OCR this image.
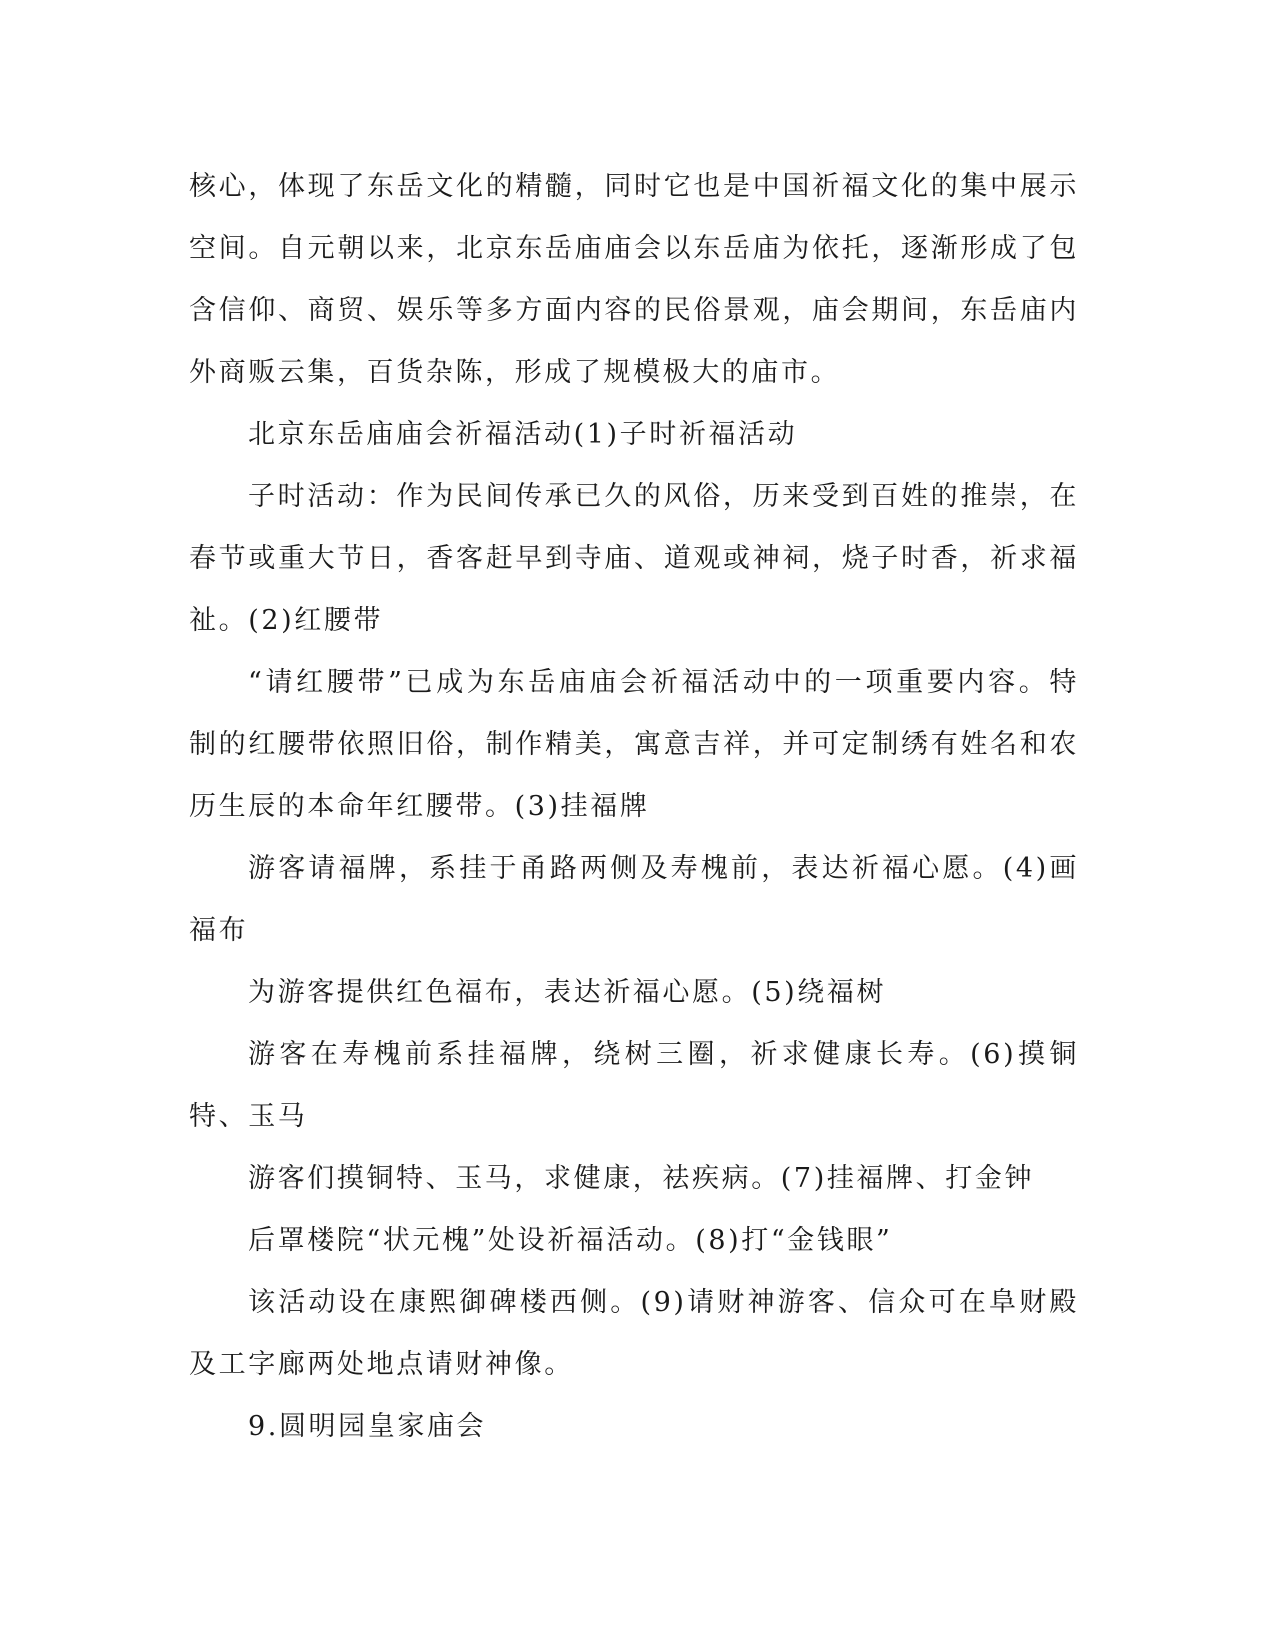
核心，体现了东岳文化的精髓，同时它也是中国祈福文化的集中展示空间。自元朝以来，北京东岳庙庙会以东岳庙为依托，逐渐形成了包含信仰、商贸、娱乐等多方面内容的民俗景观，庙会期间，东岳庙内外商贩云集，百货杂陈，形成了规模极大的庙市。

北京东岳庙庙会祈福活动(1)子时祈福活动

子时活动：作为民间传承已久的风俗，历来受到百姓的推崇，在春节或重大节日，香客赶早到寺庙、道观或神祠，烧子时香，祈求福祉。(2)红腰带

“请红腰带”已成为东岳庙庙会祈福活动中的一项重要内容。特制的红腰带依照旧俗，制作精美，寓意吉祥，并可定制绣有姓名和农历生辰的本命年红腰带。(3)挂福牌

游客请福牌，系挂于甬路两侧及寿槐前，表达祈福心愿。(4)画福布

为游客提供红色福布，表达祈福心愿。(5)绕福树

游客在寿槐前系挂福牌，绕树三圈，祈求健康长寿。(6)摸铜特、玉马

游客们摸铜特、玉马，求健康，祛疾病。(7)挂福牌、打金钟

后罩楼院“状元槐”处设祈福活动。(8)打“金钱眼”

该活动设在康熙御碑楼西侧。(9)请财神游客、信众可在阜财殿及工字廊两处地点请财神像。

9.圆明园皇家庙会
